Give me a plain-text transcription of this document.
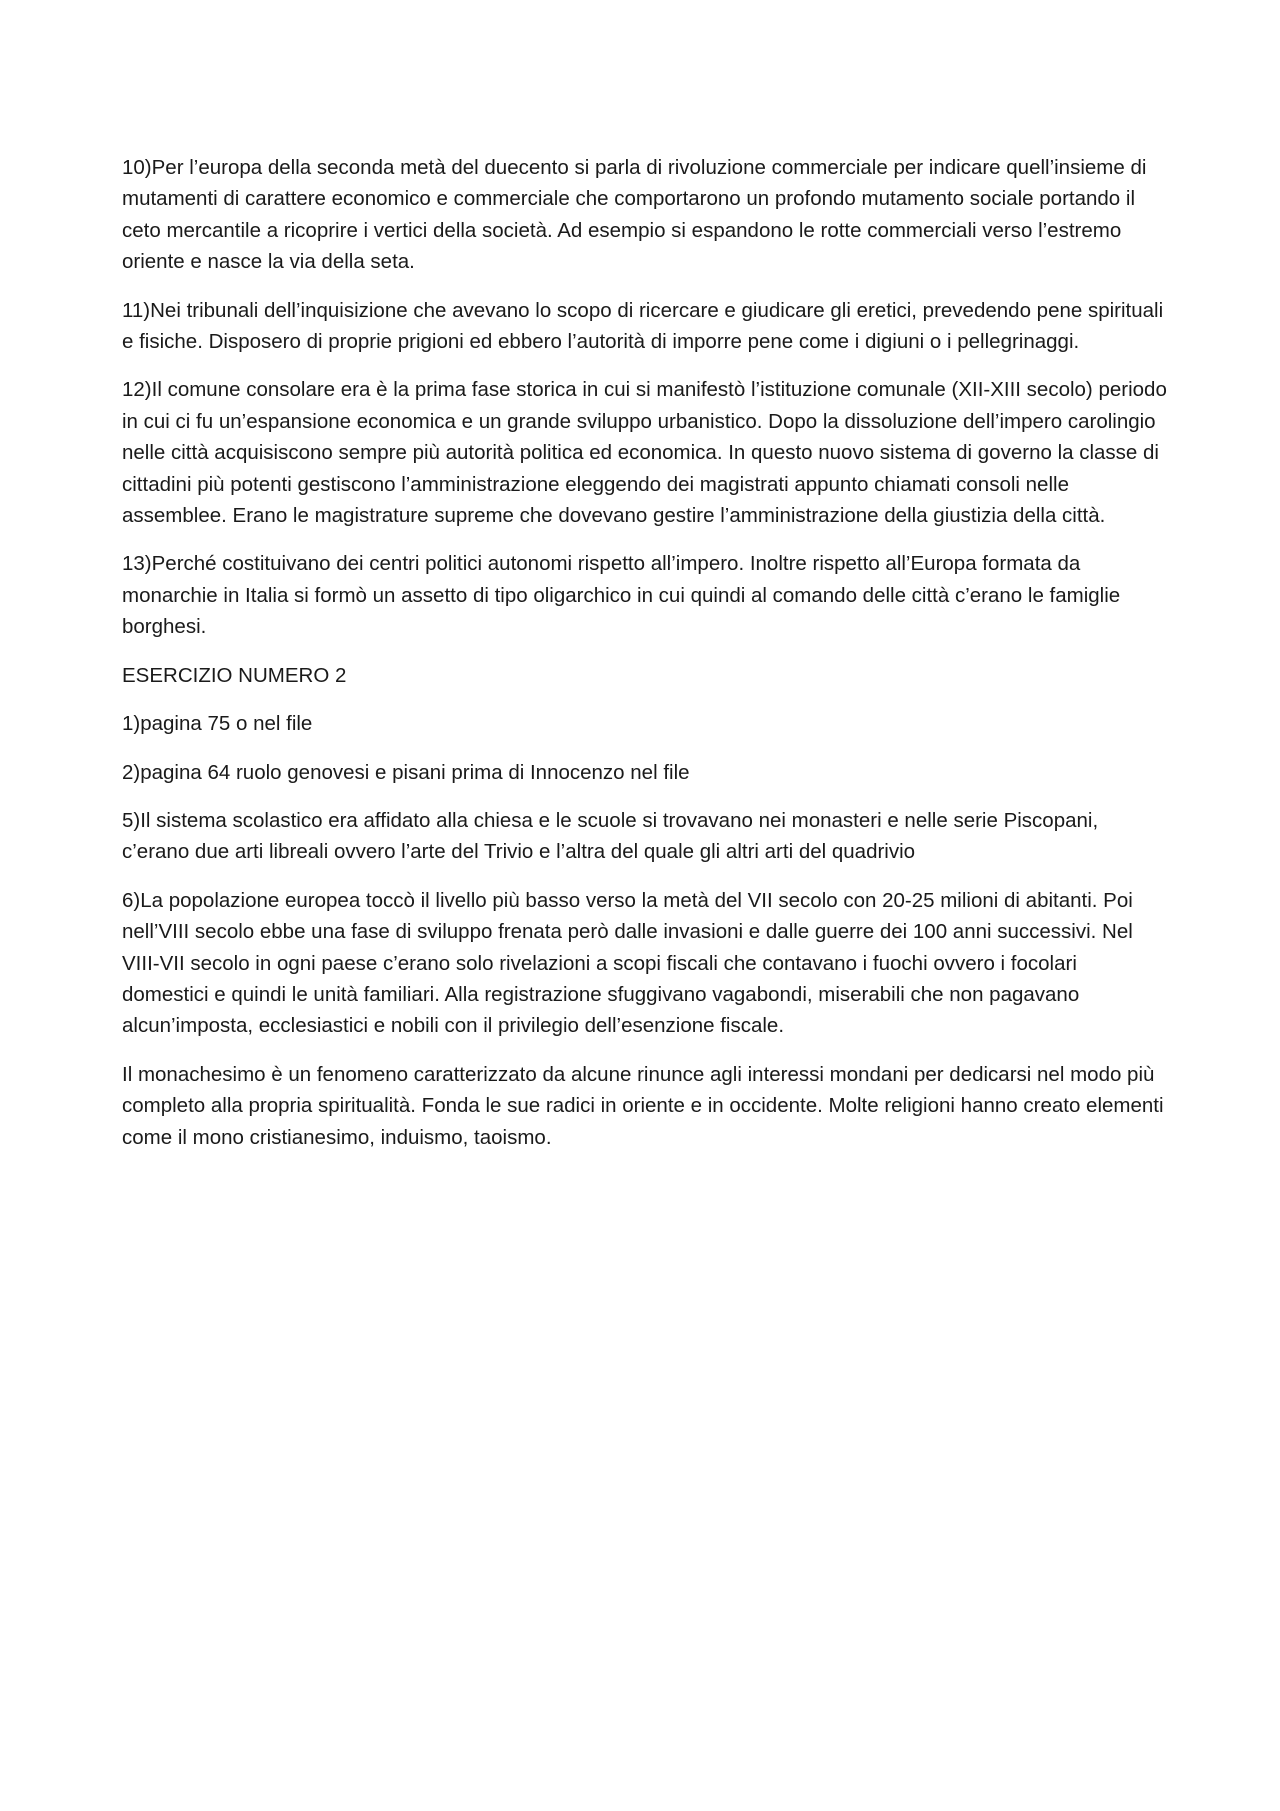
10)Per l’europa della seconda metà del duecento si parla di rivoluzione commerciale per indicare quell’insieme di mutamenti di carattere economico e commerciale che comportarono un profondo mutamento sociale portando il ceto mercantile a ricoprire i vertici della società. Ad esempio si espandono le rotte commerciali verso l’estremo oriente e nasce la via della seta.

11)Nei tribunali dell’inquisizione che avevano lo scopo di ricercare e giudicare gli eretici, prevedendo pene spirituali e fisiche. Disposero di proprie prigioni ed ebbero l’autorità di imporre pene come i digiuni o i pellegrinaggi.

12)Il comune consolare era è la prima fase storica in cui si manifestò l’istituzione comunale (XII-XIII secolo) periodo in cui ci fu un’espansione economica e un grande sviluppo urbanistico. Dopo la dissoluzione dell’impero carolingio nelle città acquisiscono sempre più autorità politica ed economica. In questo nuovo sistema di governo la classe di cittadini più potenti gestiscono l’amministrazione eleggendo dei magistrati appunto chiamati consoli nelle assemblee. Erano le magistrature supreme che dovevano gestire l’amministrazione della giustizia della città.

13)Perché costituivano dei centri politici autonomi rispetto all’impero. Inoltre rispetto all’Europa formata da monarchie in Italia si formò un assetto di tipo oligarchico in cui quindi al comando delle città c’erano le famiglie borghesi.

ESERCIZIO NUMERO 2

1)pagina 75 o nel file

2)pagina 64 ruolo genovesi e pisani prima di Innocenzo nel file

5)Il sistema scolastico era affidato alla chiesa e le scuole si trovavano nei monasteri e nelle serie Piscopani, c’erano due arti libreali ovvero l’arte del Trivio e l’altra del quale gli altri arti del quadrivio

6)La popolazione europea toccò il livello più basso verso la metà del VII secolo con 20-25 milioni di abitanti. Poi nell’VIII secolo ebbe una fase di sviluppo frenata però dalle invasioni e dalle guerre dei 100 anni successivi. Nel VIII-VII secolo in ogni paese c’erano solo rivelazioni a scopi fiscali che contavano i fuochi ovvero i focolari domestici e quindi le unità familiari. Alla registrazione sfuggivano vagabondi, miserabili che non pagavano alcun’imposta, ecclesiastici e nobili con il privilegio dell’esenzione fiscale.

Il monachesimo è un fenomeno caratterizzato da alcune rinunce agli interessi mondani per dedicarsi nel modo più completo alla propria spiritualità. Fonda le sue radici in oriente e in occidente. Molte religioni hanno creato elementi come il mono cristianesimo, induismo, taoismo.
